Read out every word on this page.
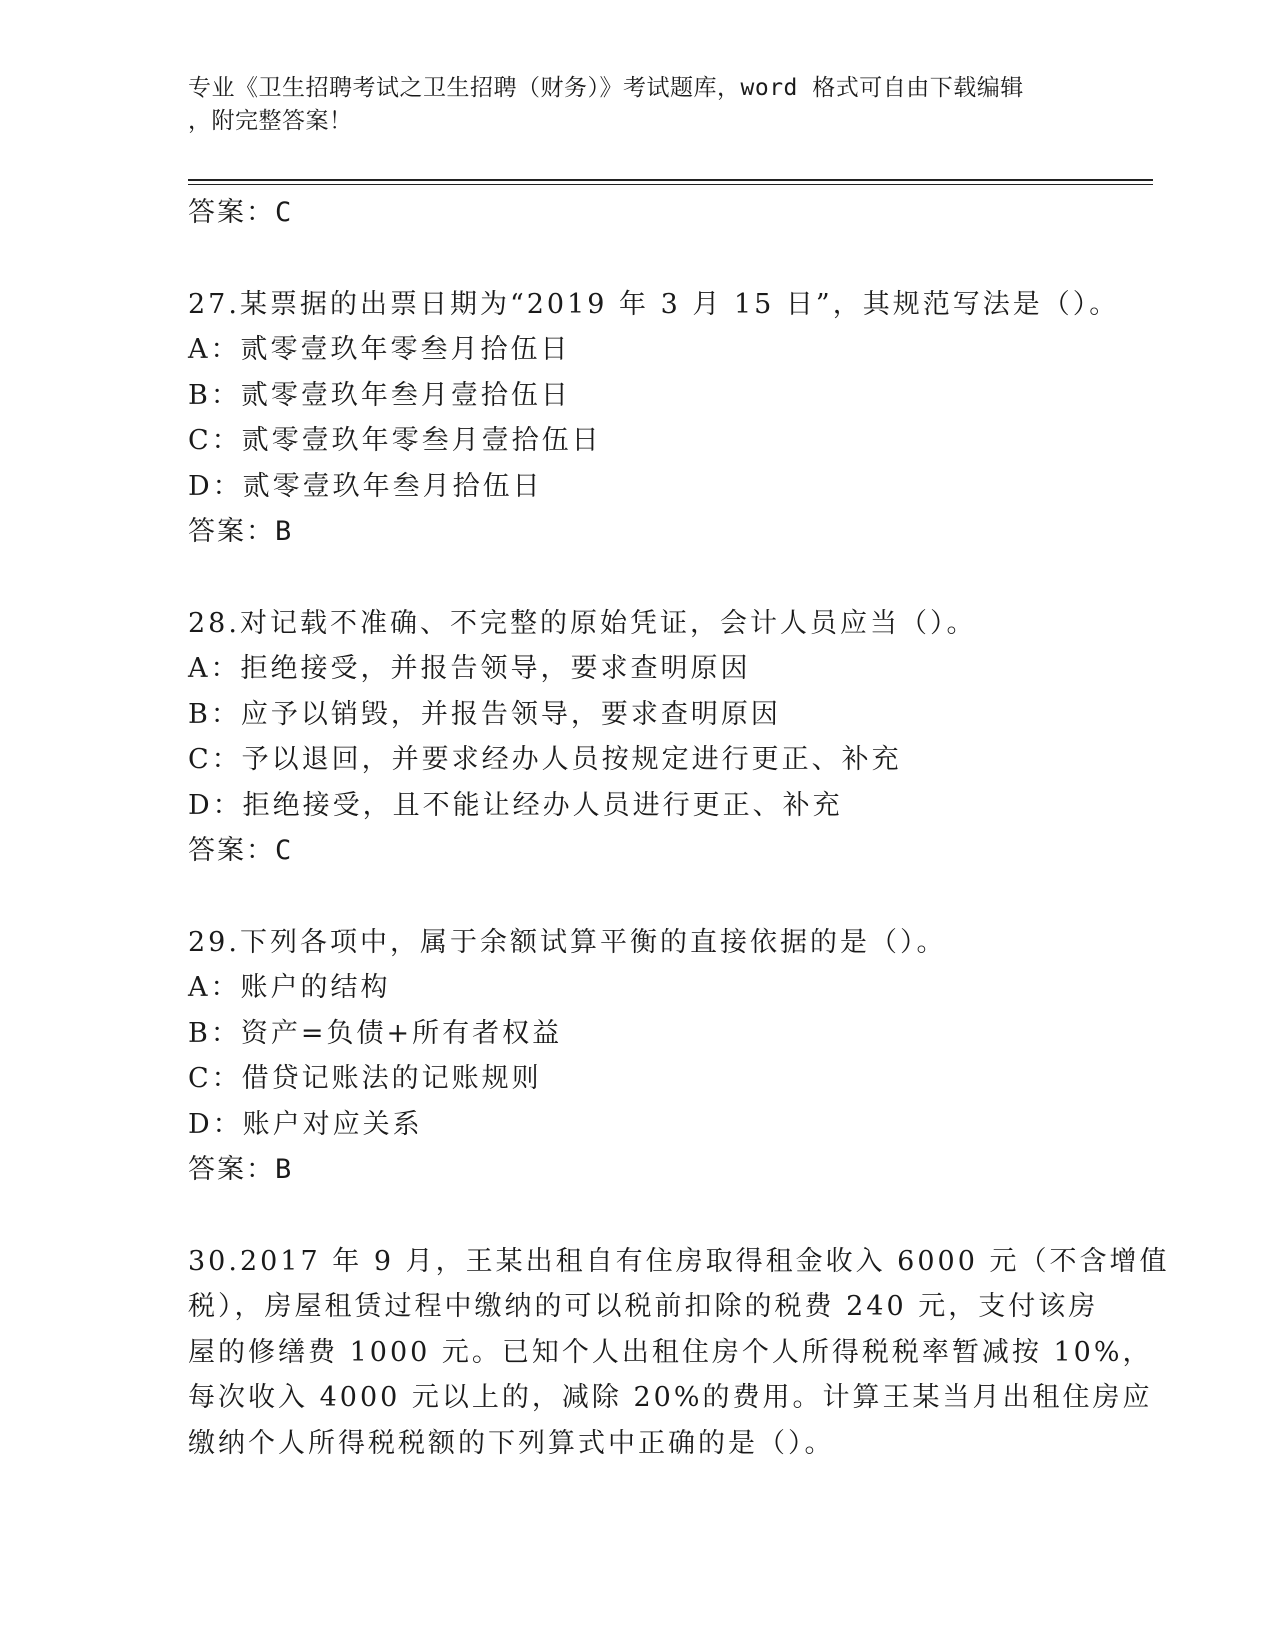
专业《卫生招聘考试之卫生招聘（财务）》考试题库，word 格式可自由下载编辑
，附完整答案！
答案：C
27.某票据的出票日期为“2019 年 3 月 15 日”，其规范写法是（）。
A：贰零壹玖年零叁月拾伍日
B：贰零壹玖年叁月壹拾伍日
C：贰零壹玖年零叁月壹拾伍日
D：贰零壹玖年叁月拾伍日
答案：B
28.对记载不准确、不完整的原始凭证，会计人员应当（）。
A：拒绝接受，并报告领导，要求查明原因
B：应予以销毁，并报告领导，要求查明原因
C：予以退回，并要求经办人员按规定进行更正、补充
D：拒绝接受，且不能让经办人员进行更正、补充
答案：C
29.下列各项中，属于余额试算平衡的直接依据的是（）。
A：账户的结构
B：资产=负债+所有者权益
C：借贷记账法的记账规则
D：账户对应关系
答案：B
30.2017 年 9 月，王某出租自有住房取得租金收入 6000 元（不含增值
税），房屋租赁过程中缴纳的可以税前扣除的税费 240 元，支付该房
屋的修缮费 1000 元。已知个人出租住房个人所得税税率暂减按 10%，
每次收入 4000 元以上的，减除 20%的费用。计算王某当月出租住房应
缴纳个人所得税税额的下列算式中正确的是（）。
